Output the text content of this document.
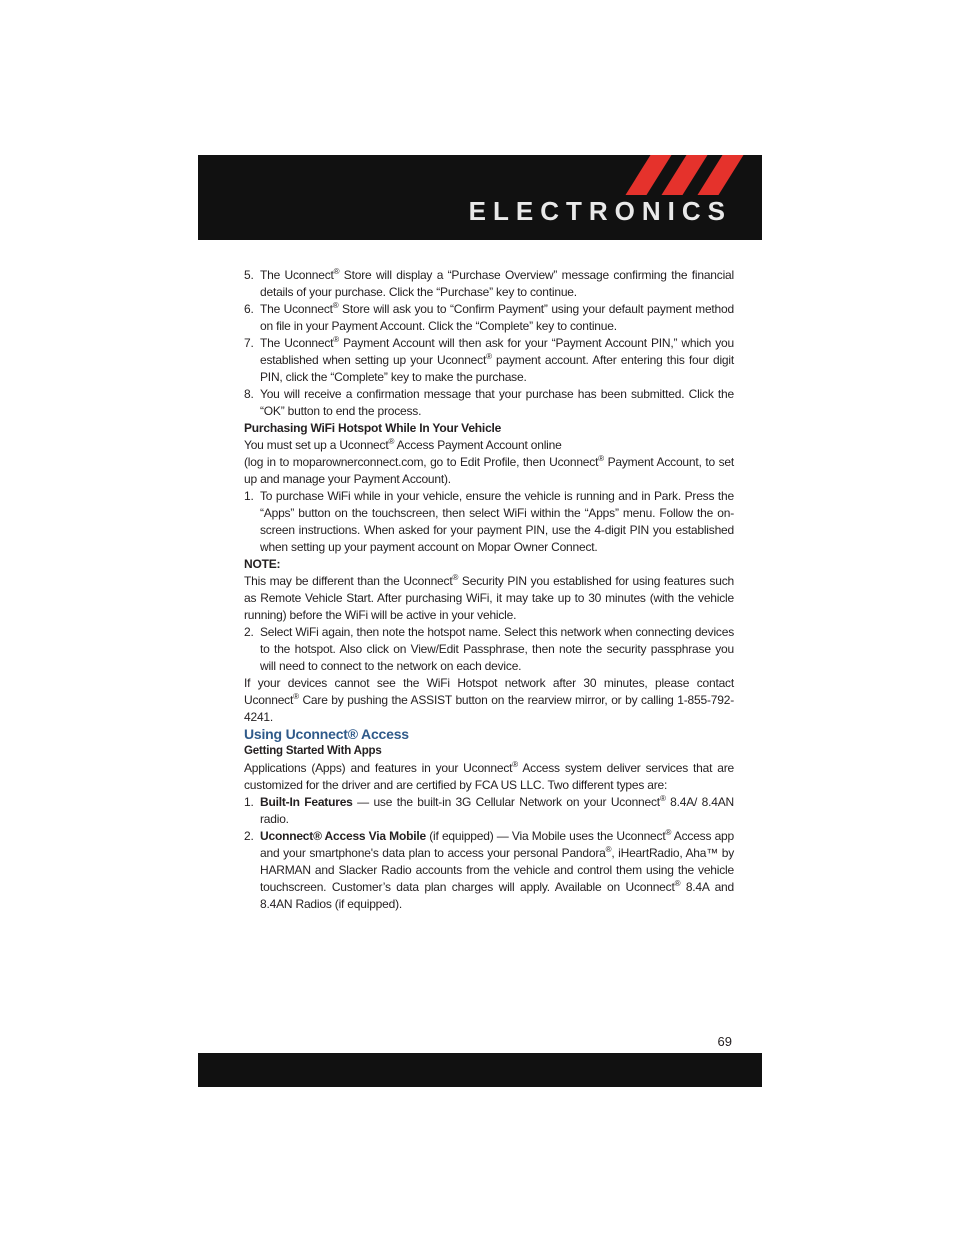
ELECTRONICS

5. The Uconnect® Store will display a “Purchase Overview” message confirming the financial details of your purchase. Click the “Purchase” key to continue.

6. The Uconnect® Store will ask you to “Confirm Payment” using your default payment method on file in your Payment Account. Click the “Complete” key to continue.

7. The Uconnect® Payment Account will then ask for your “Payment Account PIN,” which you established when setting up your Uconnect® payment account. After entering this four digit PIN, click the “Complete” key to make the purchase.

8. You will receive a confirmation message that your purchase has been submitted. Click the “OK” button to end the process.

Purchasing WiFi Hotspot While In Your Vehicle

You must set up a Uconnect® Access Payment Account online
(log in to moparownerconnect.com, go to Edit Profile, then Uconnect® Payment Account, to set up and manage your Payment Account).

1. To purchase WiFi while in your vehicle, ensure the vehicle is running and in Park. Press the “Apps” button on the touchscreen, then select WiFi within the “Apps” menu. Follow the on-screen instructions. When asked for your payment PIN, use the 4-digit PIN you established when setting up your payment account on Mopar Owner Connect.

NOTE:
This may be different than the Uconnect® Security PIN you established for using features such as Remote Vehicle Start. After purchasing WiFi, it may take up to 30 minutes (with the vehicle running) before the WiFi will be active in your vehicle.

2. Select WiFi again, then note the hotspot name. Select this network when connecting devices to the hotspot. Also click on View/Edit Passphrase, then note the security passphrase you will need to connect to the network on each device.

If your devices cannot see the WiFi Hotspot network after 30 minutes, please contact Uconnect® Care by pushing the ASSIST button on the rearview mirror, or by calling 1-855-792-4241.

Using Uconnect® Access

Getting Started With Apps

Applications (Apps) and features in your Uconnect® Access system deliver services that are customized for the driver and are certified by FCA US LLC. Two different types are:

1. Built-In Features — use the built-in 3G Cellular Network on your Uconnect® 8.4A/ 8.4AN radio.

2. Uconnect® Access Via Mobile (if equipped) — Via Mobile uses the Uconnect® Access app and your smartphone's data plan to access your personal Pandora®, iHeartRadio, Aha™ by HARMAN and Slacker Radio accounts from the vehicle and control them using the vehicle touchscreen. Customer’s data plan charges will apply. Available on Uconnect® 8.4A and 8.4AN Radios (if equipped).

69
